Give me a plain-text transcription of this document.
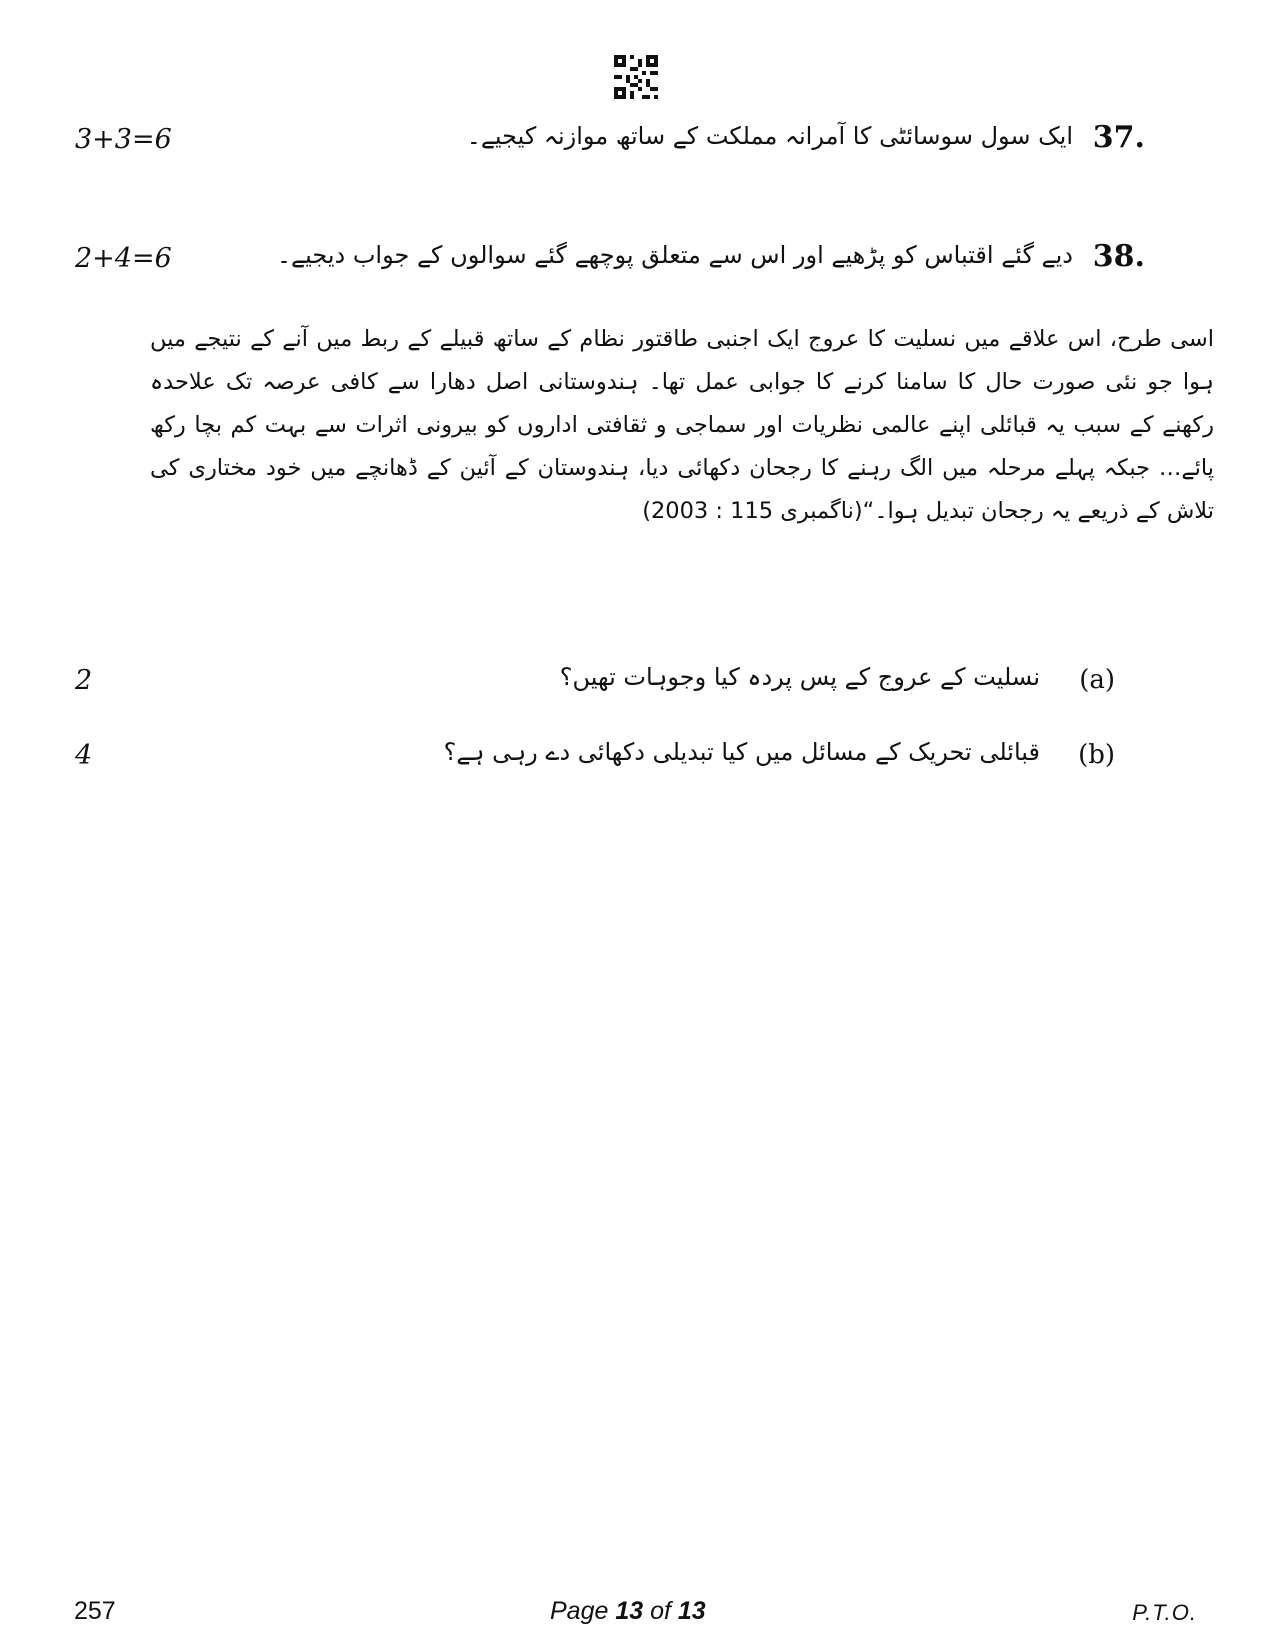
37.
ایک سول سوسائٹی کا آمرانہ مملکت کے ساتھ موازنہ کیجیے۔
3+3=6
38.
دیے گئے اقتباس کو پڑھیے اور اس سے متعلق پوچھے گئے سوالوں کے جواب دیجیے۔
2+4=6
اسی طرح، اس علاقے میں نسلیت کا عروج ایک اجنبی طاقتور نظام کے ساتھ قبیلے کے ربط میں آنے کے نتیجے میں ہوا جو نئی صورت حال کا سامنا کرنے کا جوابی عمل تھا۔ ہندوستانی اصل دھارا سے کافی عرصہ تک علاحدہ رکھنے کے سبب یہ قبائلی اپنے عالمی نظریات اور سماجی و ثقافتی اداروں کو بیرونی اثرات سے بہت کم بچا رکھ پائے… جبکہ پہلے مرحلہ میں الگ رہنے کا رجحان دکھائی دیا، ہندوستان کے آئین کے ڈھانچے میں خود مختاری کی تلاش کے ذریعے یہ رجحان تبدیل ہوا۔“(ناگمبری 115 : 2003)
(a)
نسلیت کے عروج کے پس پردہ کیا وجوہات تھیں؟
2
(b)
قبائلی تحریک کے مسائل میں کیا تبدیلی دکھائی دے رہی ہے؟
4
257	Page 13 of 13	P.T.O.
